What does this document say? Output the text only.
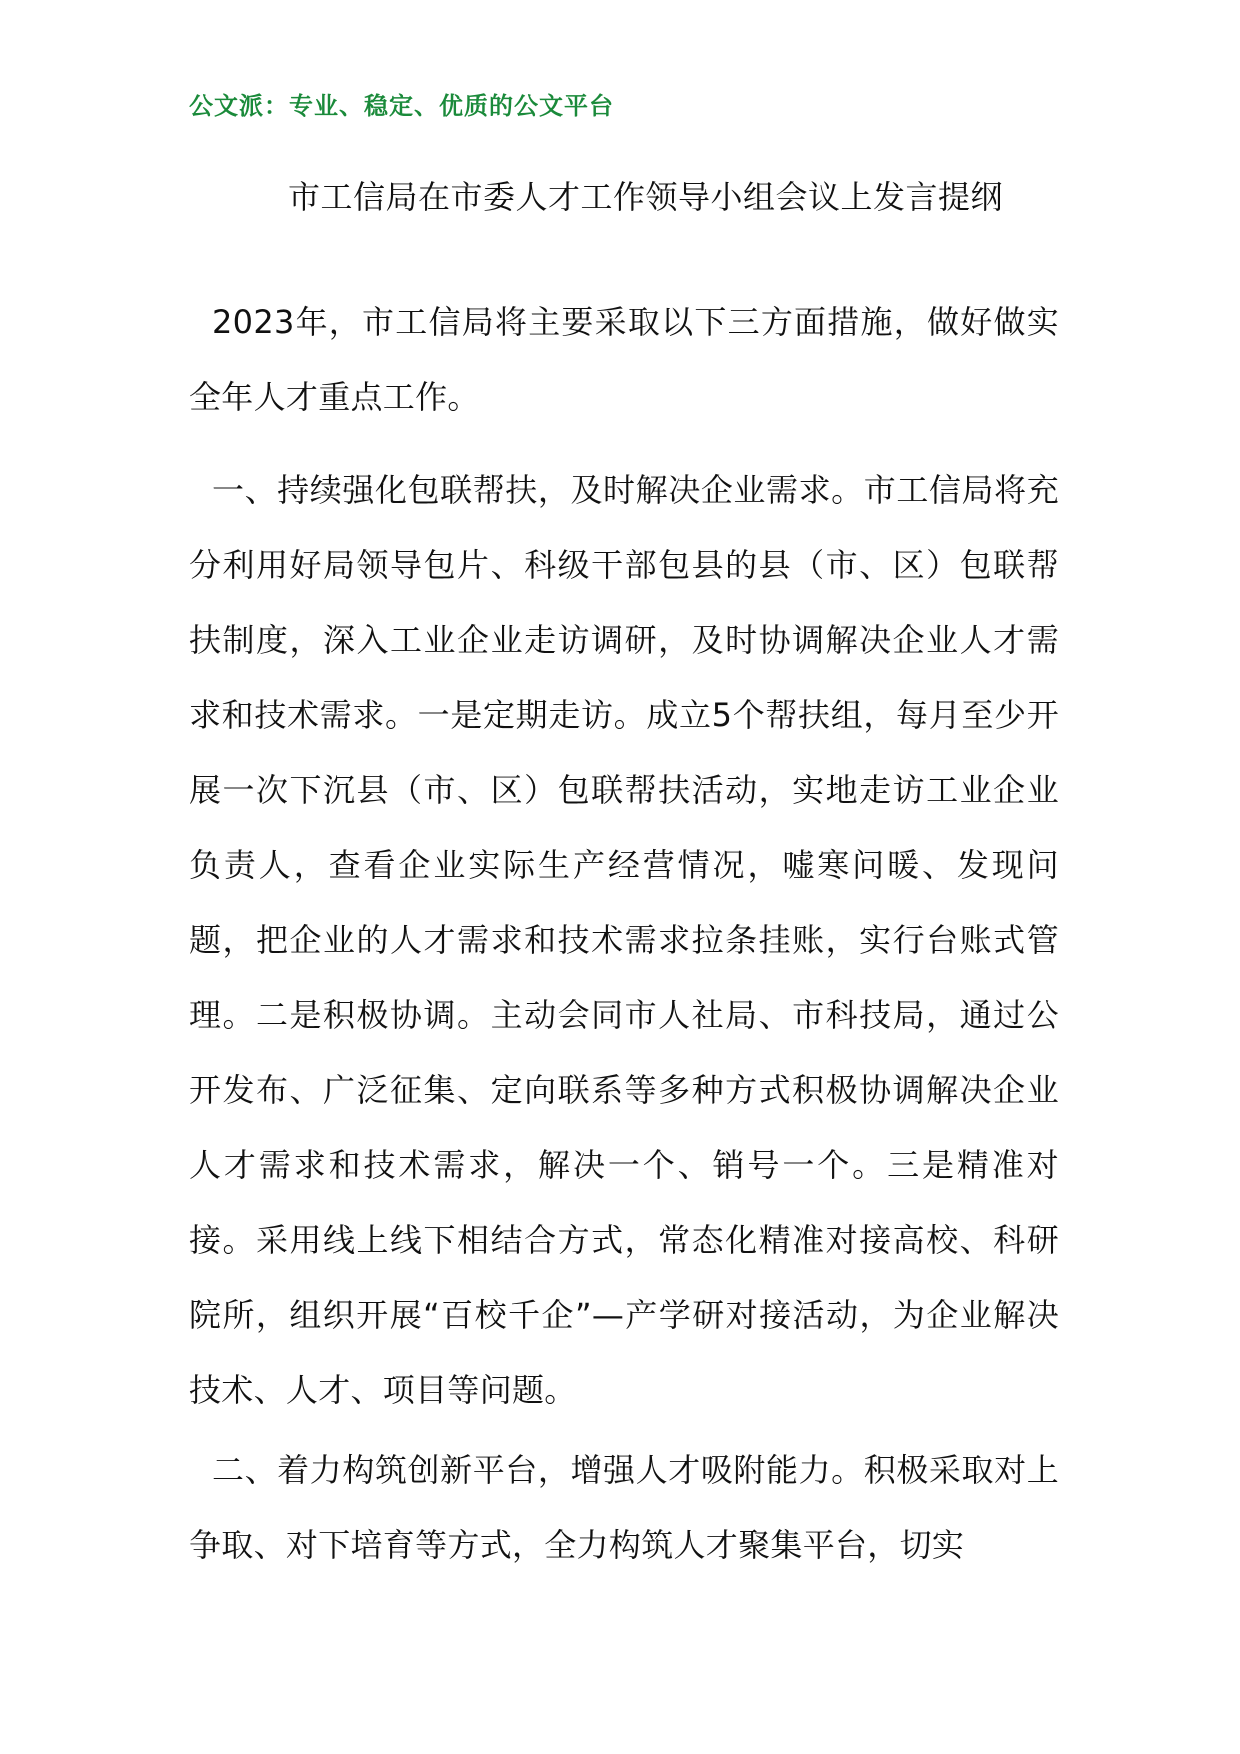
公文派：专业、稳定、优质的公文平台
市工信局在市委人才工作领导小组会议上发言提纲

2023年，市工信局将主要采取以下三方面措施，做好做实全年人才重点工作。

一、持续强化包联帮扶，及时解决企业需求。市工信局将充分利用好局领导包片、科级干部包县的县（市、区）包联帮扶制度，深入工业企业走访调研，及时协调解决企业人才需求和技术需求。一是定期走访。成立5个帮扶组，每月至少开展一次下沉县（市、区）包联帮扶活动，实地走访工业企业负责人，查看企业实际生产经营情况，嘘寒问暖、发现问题，把企业的人才需求和技术需求拉条挂账，实行台账式管理。二是积极协调。主动会同市人社局、市科技局，通过公开发布、广泛征集、定向联系等多种方式积极协调解决企业人才需求和技术需求，解决一个、销号一个。三是精准对接。采用线上线下相结合方式，常态化精准对接高校、科研院所，组织开展“百校千企”—产学研对接活动，为企业解决技术、人才、项目等问题。

二、着力构筑创新平台，增强人才吸附能力。积极采取对上争取、对下培育等方式，全力构筑人才聚集平台，切实
